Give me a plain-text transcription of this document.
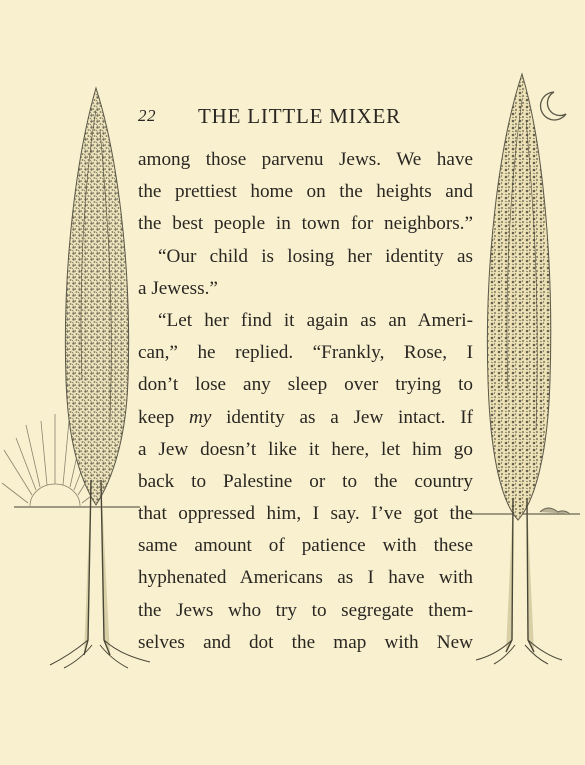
22 THE LITTLE MIXER
among those parvenu Jews. We have
the prettiest home on the heights and
the best people in town for neighbors.”
“Our child is losing her identity as
a Jewess.”
“Let her find it again as an Ameri-
can,” he replied. “Frankly, Rose, I
don’t lose any sleep over trying to
keep my identity as a Jew intact. If
a Jew doesn’t like it here, let him go
back to Palestine or to the country
that oppressed him, I say. I’ve got the
same amount of patience with these
hyphenated Americans as I have with
the Jews who try to segregate them-
selves and dot the map with New
